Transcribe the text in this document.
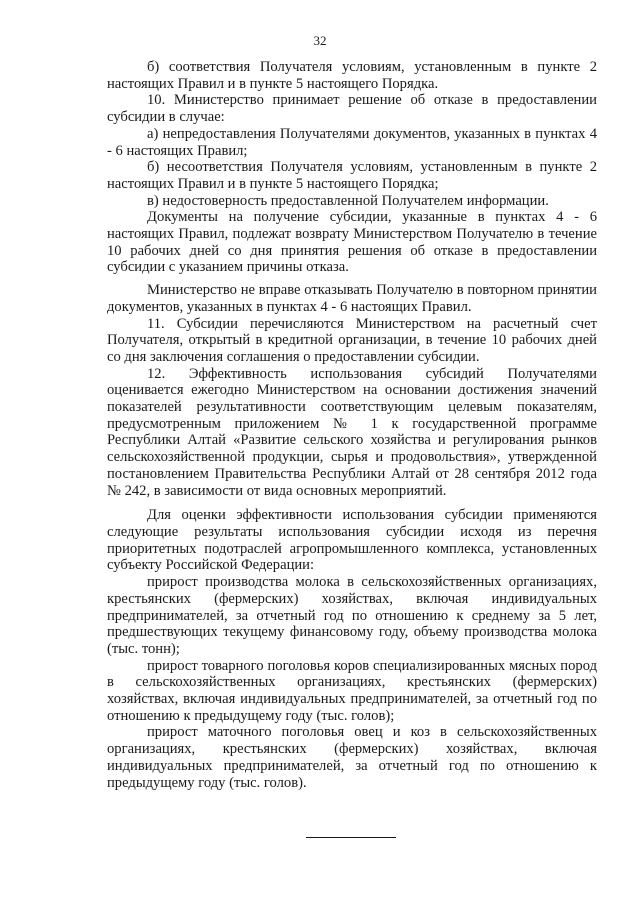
32

б) соответствия Получателя условиям, установленным в пункте 2 настоящих Правил и в пункте 5 настоящего Порядка.

10. Министерство принимает решение об отказе в предоставлении субсидии в случае:

а) непредоставления Получателями документов, указанных в пунктах 4 - 6 настоящих Правил;

б) несоответствия Получателя условиям, установленным в пункте 2 настоящих Правил и в пункте 5 настоящего Порядка;

в) недостоверность предоставленной Получателем информации.

Документы на получение субсидии, указанные в пунктах 4 - 6 настоящих Правил, подлежат возврату Министерством Получателю в течение 10 рабочих дней со дня принятия решения об отказе в предоставлении субсидии с указанием причины отказа.

Министерство не вправе отказывать Получателю в повторном принятии документов, указанных в пунктах 4 - 6 настоящих Правил.

11. Субсидии перечисляются Министерством на расчетный счет Получателя, открытый в кредитной организации, в течение 10 рабочих дней со дня заключения соглашения о предоставлении субсидии.

12. Эффективность использования субсидий Получателями оценивается ежегодно Министерством на основании достижения значений показателей результативности соответствующим целевым показателям, предусмотренным приложением № 1 к государственной программе Республики Алтай «Развитие сельского хозяйства и регулирования рынков сельскохозяйственной продукции, сырья и продовольствия», утвержденной постановлением Правительства Республики Алтай от 28 сентября 2012 года № 242, в зависимости от вида основных мероприятий.

Для оценки эффективности использования субсидии применяются следующие результаты использования субсидии исходя из перечня приоритетных подотраслей агропромышленного комплекса, установленных субъекту Российской Федерации:

прирост производства молока в сельскохозяйственных организациях, крестьянских (фермерских) хозяйствах, включая индивидуальных предпринимателей, за отчетный год по отношению к среднему за 5 лет, предшествующих текущему финансовому году, объему производства молока (тыс. тонн);

прирост товарного поголовья коров специализированных мясных пород в сельскохозяйственных организациях, крестьянских (фермерских) хозяйствах, включая индивидуальных предпринимателей, за отчетный год по отношению к предыдущему году (тыс. голов);

прирост маточного поголовья овец и коз в сельскохозяйственных организациях, крестьянских (фермерских) хозяйствах, включая индивидуальных предпринимателей, за отчетный год по отношению к предыдущему году (тыс. голов).
